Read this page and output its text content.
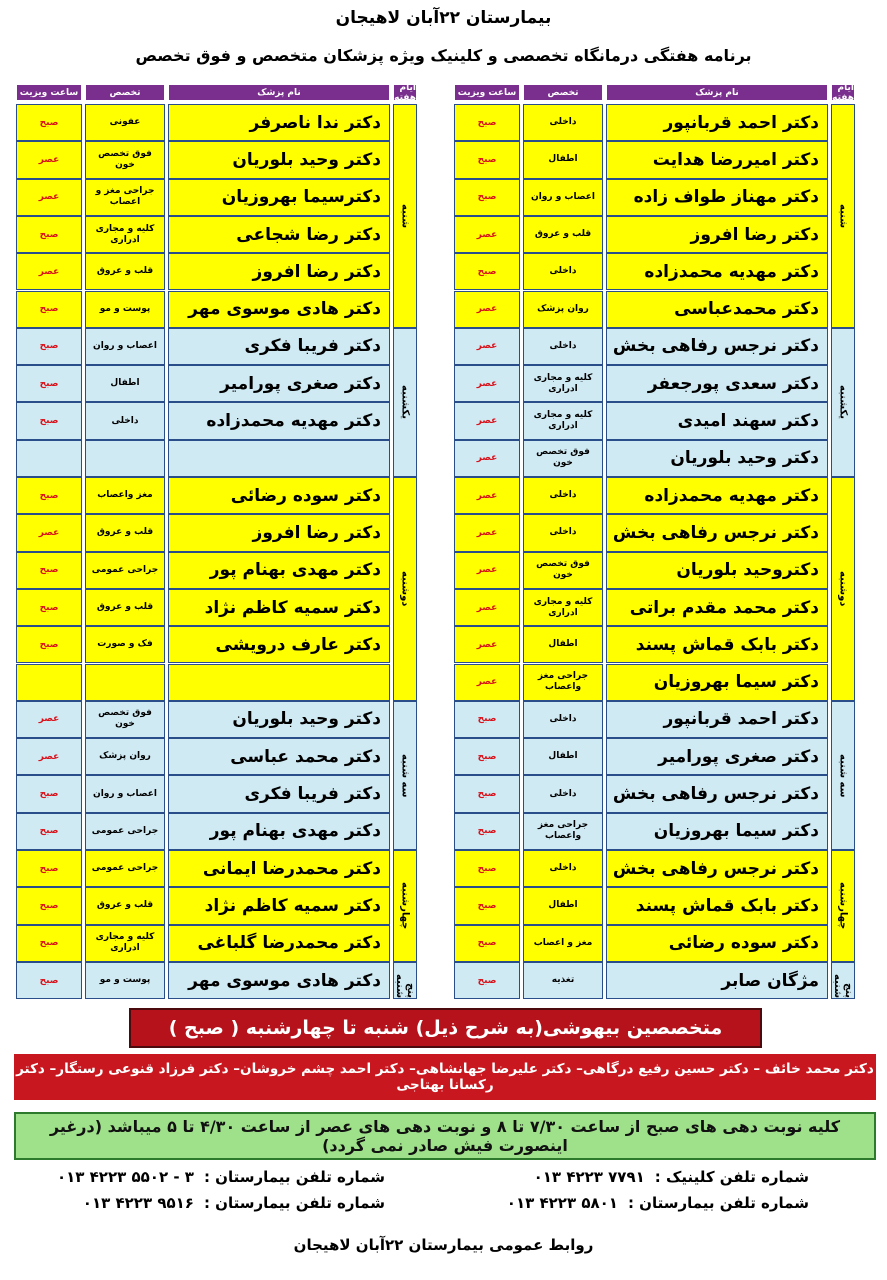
بیمارستان ۲۲آبان لاهیجان
برنامه هفتگی درمانگاه تخصصی و کلینیک ویژه پزشکان متخصص و فوق تخصص
ایام هفته
نام پزشک
تخصص
ساعت ویزیت
شنبه
دکتر احمد قربانپور
داخلی
صبح
دکتر امیررضا هدایت
اطفال
صبح
دکتر مهناز طواف زاده
اعصاب و روان
صبح
دکتر رضا افروز
قلب و عروق
عصر
دکتر مهدیه محمدزاده
داخلی
صبح
دکتر محمدعباسی
روان پزشک
عصر
یکشنبه
دکتر نرجس رفاهی بخش
داخلی
عصر
دکتر سعدی پورجعفر
کلیه و مجاری ادراری
عصر
دکتر سهند امیدی
کلیه و مجاری ادراری
عصر
دکتر وحید بلوریان
فوق تخصص خون
عصر
دوشنبه
دکتر مهدیه محمدزاده
داخلی
عصر
دکتر نرجس رفاهی بخش
داخلی
عصر
دکتروحید بلوریان
فوق تخصص خون
عصر
دکتر محمد مقدم براتی
کلیه و مجاری ادراری
عصر
دکتر بابک قماش پسند
اطفال
عصر
دکتر سیما بهروزیان
جراحی مغز واعصاب
عصر
سه شنبه
دکتر احمد قربانپور
داخلی
صبح
دکتر صغری پورامیر
اطفال
صبح
دکتر نرجس رفاهی بخش
داخلی
صبح
دکتر سیما بهروزیان
جراحی مغز واعصاب
صبح
چهارشنبه
دکتر نرجس رفاهی بخش
داخلی
صبح
دکتر بابک قماش پسند
اطفال
صبح
دکتر سوده رضائی
مغز و اعصاب
صبح
پنج شنبه
مژگان صابر
تغذیه
صبح
ایام هفته
نام پزشک
تخصص
ساعت ویزیت
شنبه
دکتر ندا ناصرفر
عفونی
صبح
دکتر وحید بلوریان
فوق تخصص خون
عصر
دکترسیما بهروزیان
جراحی مغز و اعصاب
عصر
دکتر رضا شجاعی
کلیه و مجاری ادراری
صبح
دکتر رضا افروز
قلب و عروق
عصر
دکتر هادی موسوی مهر
پوست و مو
صبح
یکشنبه
دکتر فریبا فکری
اعصاب و روان
صبح
دکتر صغری پورامیر
اطفال
صبح
دکتر مهدیه محمدزاده
داخلی
صبح
دوشنبه
دکتر سوده رضائی
مغز واعصاب
صبح
دکتر رضا افروز
قلب و عروق
عصر
دکتر مهدی بهنام پور
جراحی عمومی
صبح
دکتر سمیه کاظم نژاد
قلب و عروق
صبح
دکتر عارف درویشی
فک و صورت
صبح
سه شنبه
دکتر وحید بلوریان
فوق تخصص خون
عصر
دکتر محمد عباسی
روان پزشک
عصر
دکتر فریبا فکری
اعصاب و روان
صبح
دکتر مهدی بهنام پور
جراحی عمومی
صبح
چهارشنبه
دکتر محمدرضا ایمانی
جراحی عمومی
صبح
دکتر سمیه کاظم نژاد
قلب و عروق
صبح
دکتر محمدرضا گلباغی
کلیه و مجاری ادراری
صبح
پنج شنبه
دکتر هادی موسوی مهر
پوست و مو
صبح
متخصصین بیهوشی(به شرح ذیل) شنبه تا چهارشنبه ( صبح )
دکتر محمد خائف – دکتر حسین رفیع درگاهی– دکتر علیرضا جهانشاهی– دکتر احمد چشم خروشان– دکتر فرزاد قنوعی رستگار– دکتر رکسانا بهتاجی
کلیه نوبت دهی های صبح از ساعت ۷/۳۰ تا ۸ و نوبت دهی های عصر از ساعت ۴/۳۰ تا ۵ میباشد (درغیر اینصورت فیش صادر نمی گردد)
شماره تلفن کلینیک :
۰۱۳ ۴۲۲۳ ۷۷۹۱
شماره تلفن بیمارستان :
۰۱۳ ۴۲۲۳ ۵۸۰۱
شماره تلفن بیمارستان :
۰۱۳ ۴۲۲۳ ۵۵۰۲ - ۳
شماره تلفن بیمارستان :
۰۱۳ ۴۲۲۳ ۹۵۱۶
روابط عمومی بیمارستان ۲۲آبان لاهیجان
